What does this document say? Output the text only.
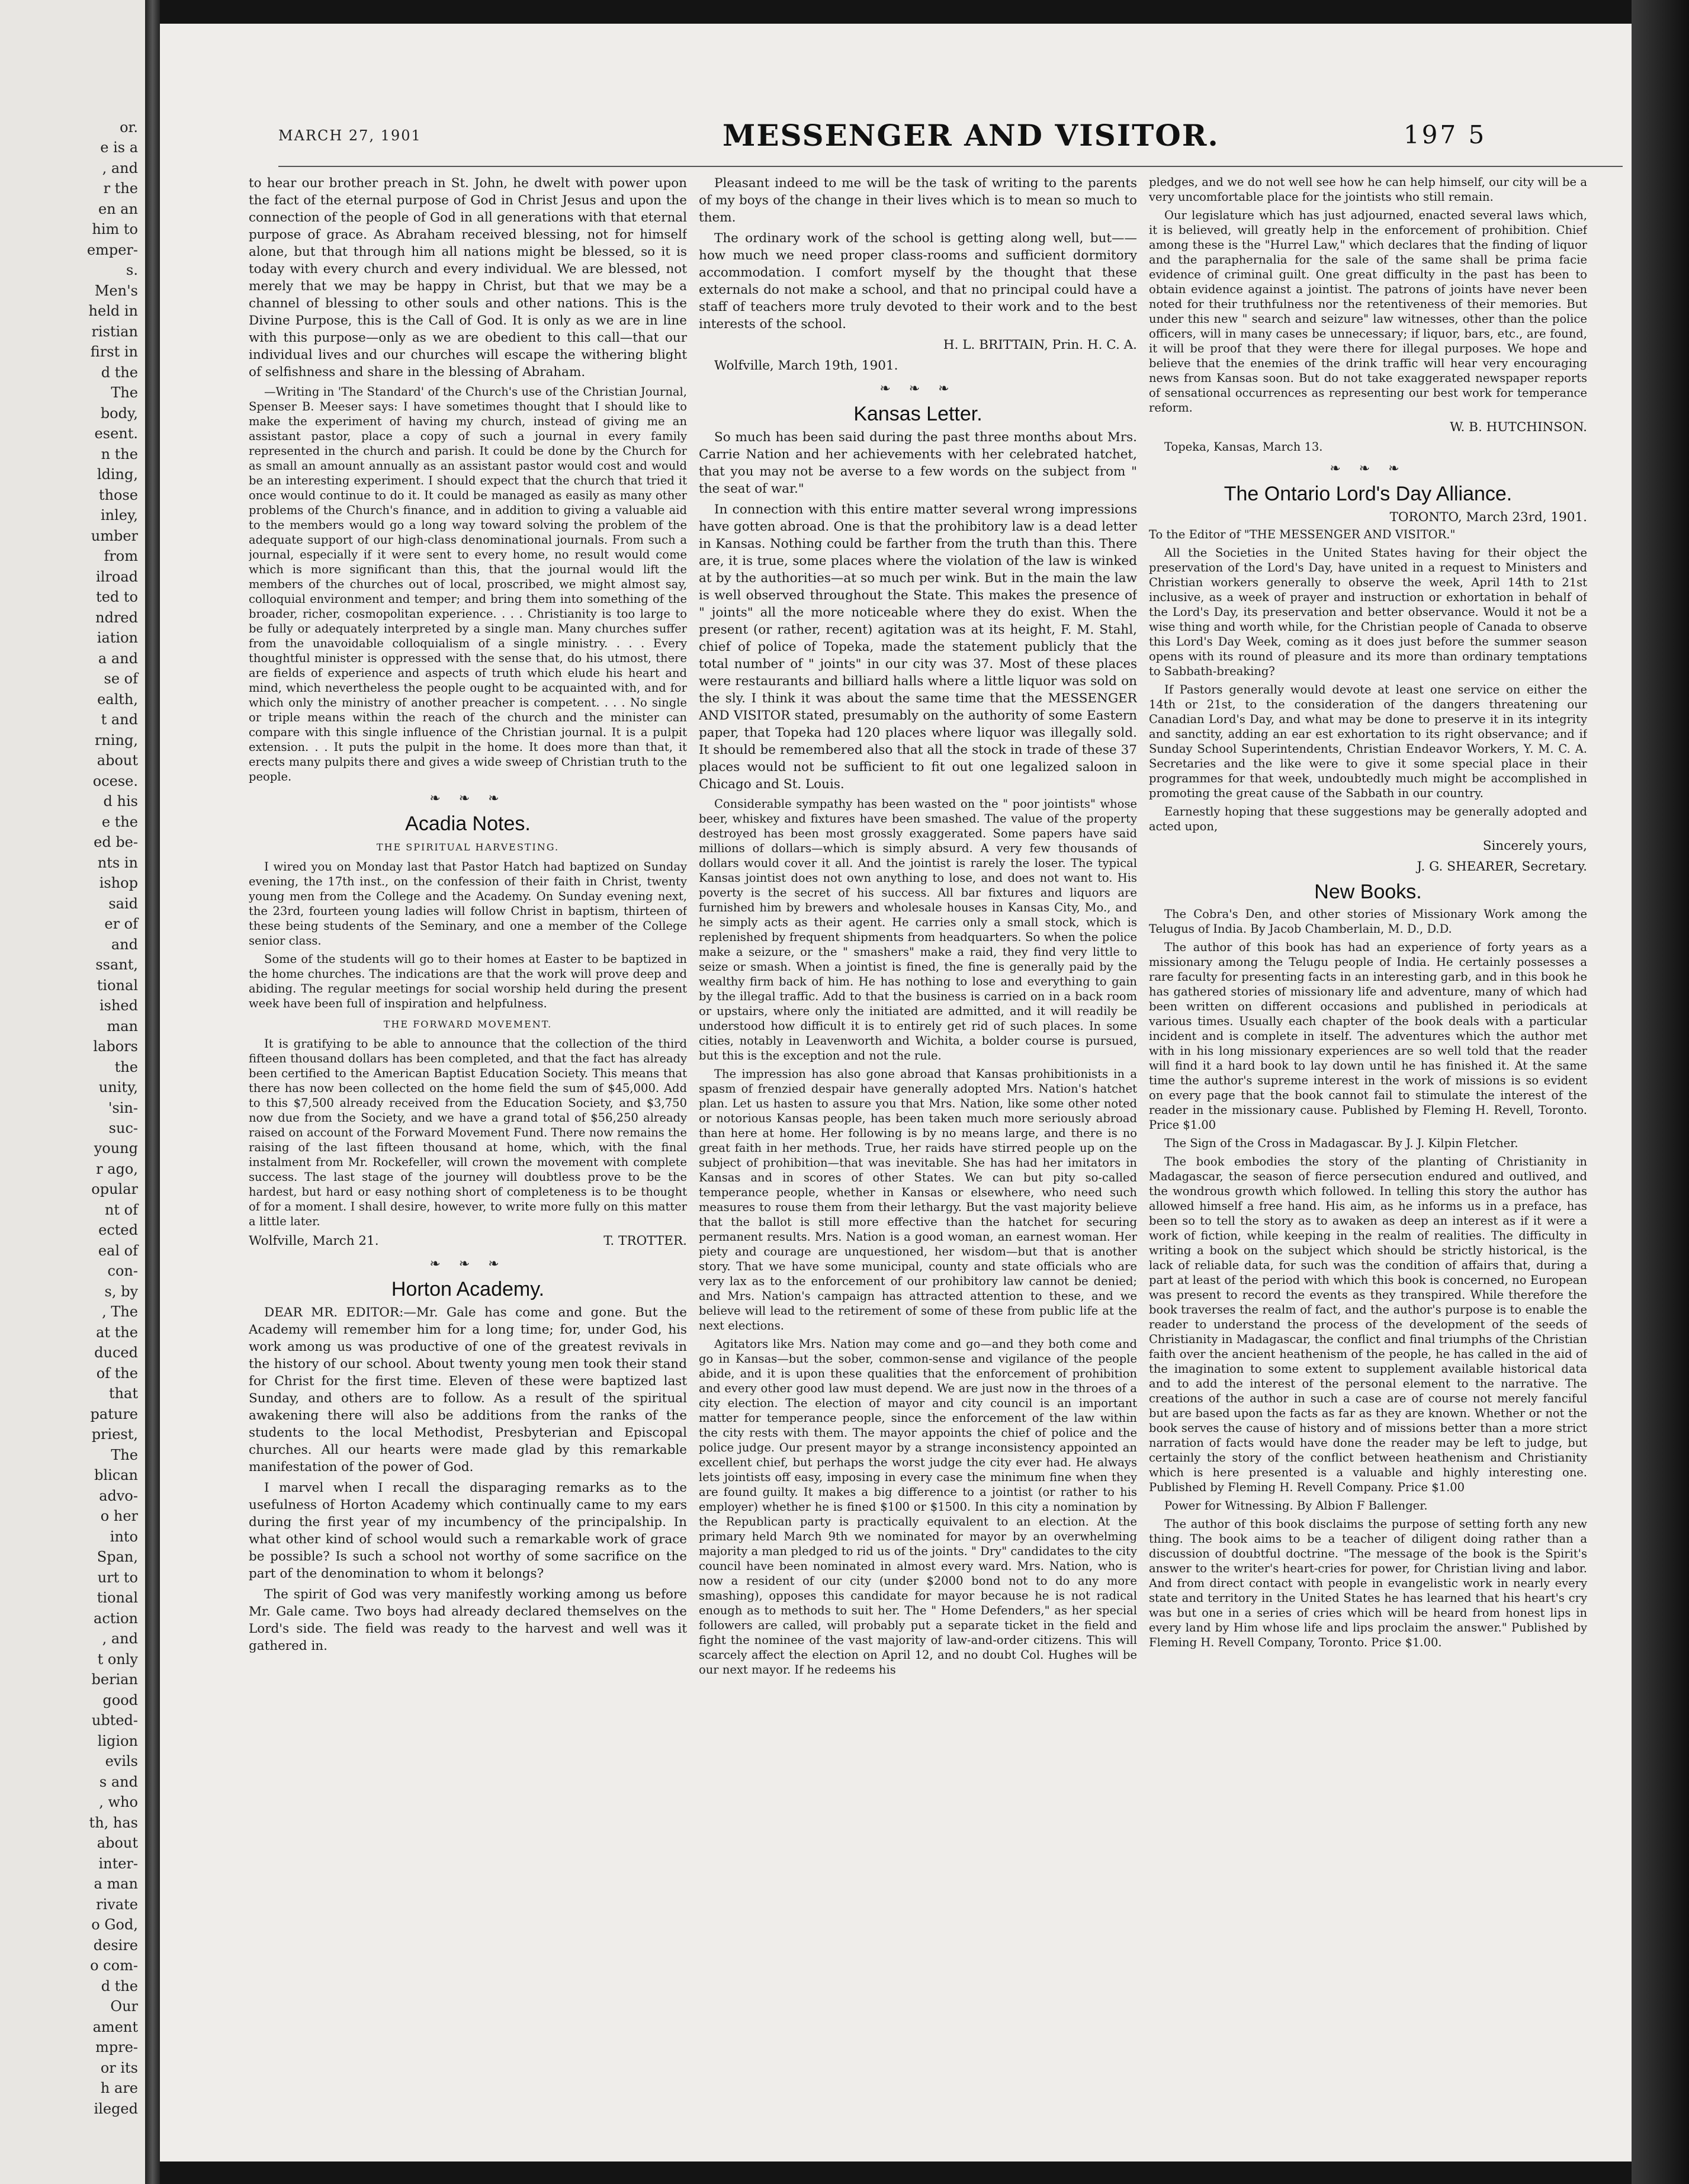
or.
e is a
, and
r the
en an
him to
emper-
s.
Men's
held in
ristian
first in
d the
The
body,
esent.
n the
lding,
those
inley,
umber
from
ilroad
ted to
ndred
iation
a and
se of
ealth,
t and
rning,
about
ocese.
d his
e the
ed be-
nts in
ishop
said
er of
and
ssant,
tional
ished
man
labors
the
unity,
'sin-
suc-
young
r ago,
opular
nt of
ected
eal of
con-
s, by
, The
at the
duced
of the
that
pature
priest,
The
blican
advo-
o her
into
Span,
urt to
tional
action
, and
t only
berian
good
ubted-
ligion
evils
s and
, who
th, has
about
inter-
a man
rivate
o God,
desire
o com-
d the
Our
ament
mpre-
or its
h are
ileged
MARCH 27, 1901	MESSENGER AND VISITOR.	197 5

to hear our brother preach in St. John, he dwelt with power upon the fact of the eternal purpose of God in Christ Jesus and upon the connection of the people of God in all generations with that eternal purpose of grace. As Abraham received blessing, not for himself alone, but that through him all nations might be blessed, so it is today with every church and every individual. We are blessed, not merely that we may be happy in Christ, but that we may be a channel of blessing to other souls and other nations. This is the Divine Purpose, this is the Call of God. It is only as we are in line with this purpose—only as we are obedient to this call—that our individual lives and our churches will escape the withering blight of selfishness and share in the blessing of Abraham.

—Writing in 'The Standard' of the Church's use of the Christian Journal, Spenser B. Meeser says: I have sometimes thought that I should like to make the experiment of having my church, instead of giving me an assistant pastor, place a copy of such a journal in every family represented in the church and parish. It could be done by the Church for as small an amount annually as an assistant pastor would cost and would be an interesting experiment. I should expect that the church that tried it once would continue to do it. It could be managed as easily as many other problems of the Church's finance, and in addition to giving a valuable aid to the members would go a long way toward solving the problem of the adequate support of our high-class denominational journals. From such a journal, especially if it were sent to every home, no result would come which is more significant than this, that the journal would lift the members of the churches out of local, proscribed, we might almost say, colloquial environment and temper; and bring them into something of the broader, richer, cosmopolitan experience. . . . Christianity is too large to be fully or adequately interpreted by a single man. Many churches suffer from the unavoidable colloquialism of a single ministry. . . . Every thoughtful minister is oppressed with the sense that, do his utmost, there are fields of experience and aspects of truth which elude his heart and mind, which nevertheless the people ought to be acquainted with, and for which only the ministry of another preacher is competent. . . . No single or triple means within the reach of the church and the minister can compare with this single influence of the Christian journal. It is a pulpit extension. . . It puts the pulpit in the home. It does more than that, it erects many pulpits there and gives a wide sweep of Christian truth to the people.

❧ ❧ ❧
Acadia Notes.
THE SPIRITUAL HARVESTING.

I wired you on Monday last that Pastor Hatch had baptized on Sunday evening, the 17th inst., on the confession of their faith in Christ, twenty young men from the College and the Academy. On Sunday evening next, the 23rd, fourteen young ladies will follow Christ in baptism, thirteen of these being students of the Seminary, and one a member of the College senior class.

Some of the students will go to their homes at Easter to be baptized in the home churches. The indications are that the work will prove deep and abiding. The regular meetings for social worship held during the present week have been full of inspiration and helpfulness.

THE FORWARD MOVEMENT.

It is gratifying to be able to announce that the collection of the third fifteen thousand dollars has been completed, and that the fact has already been certified to the American Baptist Education Society. This means that there has now been collected on the home field the sum of $45,000. Add to this $7,500 already received from the Education Society, and $3,750 now due from the Society, and we have a grand total of $56,250 already raised on account of the Forward Movement Fund. There now remains the raising of the last fifteen thousand at home, which, with the final instalment from Mr. Rockefeller, will crown the movement with complete success. The last stage of the journey will doubtless prove to be the hardest, but hard or easy nothing short of completeness is to be thought of for a moment. I shall desire, however, to write more fully on this matter a little later.

Wolfville, March 21.	T. TROTTER.
❧ ❧ ❧
Horton Academy.

DEAR MR. EDITOR:—Mr. Gale has come and gone. But the Academy will remember him for a long time; for, under God, his work among us was productive of one of the greatest revivals in the history of our school. About twenty young men took their stand for Christ for the first time. Eleven of these were baptized last Sunday, and others are to follow. As a result of the spiritual awakening there will also be additions from the ranks of the students to the local Methodist, Presbyterian and Episcopal churches. All our hearts were made glad by this remarkable manifestation of the power of God.

I marvel when I recall the disparaging remarks as to the usefulness of Horton Academy which continually came to my ears during the first year of my incumbency of the principalship. In what other kind of school would such a remarkable work of grace be possible? Is such a school not worthy of some sacrifice on the part of the denomination to whom it belongs?

The spirit of God was very manifestly working among us before Mr. Gale came. Two boys had already declared themselves on the Lord's side. The field was ready to the harvest and well was it gathered in.

Pleasant indeed to me will be the task of writing to the parents of my boys of the change in their lives which is to mean so much to them.

The ordinary work of the school is getting along well, but——how much we need proper class-rooms and sufficient dormitory accommodation. I comfort myself by the thought that these externals do not make a school, and that no principal could have a staff of teachers more truly devoted to their work and to the best interests of the school.

H. L. BRITTAIN, Prin. H. C. A.

Wolfville, March 19th, 1901.

❧ ❧ ❧
Kansas Letter.

So much has been said during the past three months about Mrs. Carrie Nation and her achievements with her celebrated hatchet, that you may not be averse to a few words on the subject from " the seat of war."

In connection with this entire matter several wrong impressions have gotten abroad. One is that the prohibitory law is a dead letter in Kansas. Nothing could be farther from the truth than this. There are, it is true, some places where the violation of the law is winked at by the authorities—at so much per wink. But in the main the law is well observed throughout the State. This makes the presence of " joints" all the more noticeable where they do exist. When the present (or rather, recent) agitation was at its height, F. M. Stahl, chief of police of Topeka, made the statement publicly that the total number of " joints" in our city was 37. Most of these places were restaurants and billiard halls where a little liquor was sold on the sly. I think it was about the same time that the MESSENGER AND VISITOR stated, presumably on the authority of some Eastern paper, that Topeka had 120 places where liquor was illegally sold. It should be remembered also that all the stock in trade of these 37 places would not be sufficient to fit out one legalized saloon in Chicago and St. Louis.

Considerable sympathy has been wasted on the " poor jointists" whose beer, whiskey and fixtures have been smashed. The value of the property destroyed has been most grossly exaggerated. Some papers have said millions of dollars—which is simply absurd. A very few thousands of dollars would cover it all. And the jointist is rarely the loser. The typical Kansas jointist does not own anything to lose, and does not want to. His poverty is the secret of his success. All bar fixtures and liquors are furnished him by brewers and wholesale houses in Kansas City, Mo., and he simply acts as their agent. He carries only a small stock, which is replenished by frequent shipments from headquarters. So when the police make a seizure, or the " smashers" make a raid, they find very little to seize or smash. When a jointist is fined, the fine is generally paid by the wealthy firm back of him. He has nothing to lose and everything to gain by the illegal traffic. Add to that the business is carried on in a back room or upstairs, where only the initiated are admitted, and it will readily be understood how difficult it is to entirely get rid of such places. In some cities, notably in Leavenworth and Wichita, a bolder course is pursued, but this is the exception and not the rule.

The impression has also gone abroad that Kansas prohibitionists in a spasm of frenzied despair have generally adopted Mrs. Nation's hatchet plan. Let us hasten to assure you that Mrs. Nation, like some other noted or notorious Kansas people, has been taken much more seriously abroad than here at home. Her following is by no means large, and there is no great faith in her methods. True, her raids have stirred people up on the subject of prohibition—that was inevitable. She has had her imitators in Kansas and in scores of other States. We can but pity so-called temperance people, whether in Kansas or elsewhere, who need such measures to rouse them from their lethargy. But the vast majority believe that the ballot is still more effective than the hatchet for securing permanent results. Mrs. Nation is a good woman, an earnest woman. Her piety and courage are unquestioned, her wisdom—but that is another story. That we have some municipal, county and state officials who are very lax as to the enforcement of our prohibitory law cannot be denied; and Mrs. Nation's campaign has attracted attention to these, and we believe will lead to the retirement of some of these from public life at the next elections.

Agitators like Mrs. Nation may come and go—and they both come and go in Kansas—but the sober, common-sense and vigilance of the people abide, and it is upon these qualities that the enforcement of prohibition and every other good law must depend. We are just now in the throes of a city election. The election of mayor and city council is an important matter for temperance people, since the enforcement of the law within the city rests with them. The mayor appoints the chief of police and the police judge. Our present mayor by a strange inconsistency appointed an excellent chief, but perhaps the worst judge the city ever had. He always lets jointists off easy, imposing in every case the minimum fine when they are found guilty. It makes a big difference to a jointist (or rather to his employer) whether he is fined $100 or $1500. In this city a nomination by the Republican party is practically equivalent to an election. At the primary held March 9th we nominated for mayor by an overwhelming majority a man pledged to rid us of the joints. " Dry" candidates to the city council have been nominated in almost every ward. Mrs. Nation, who is now a resident of our city (under $2000 bond not to do any more smashing), opposes this candidate for mayor because he is not radical enough as to methods to suit her. The " Home Defenders," as her special followers are called, will probably put a separate ticket in the field and fight the nominee of the vast majority of law-and-order citizens. This will scarcely affect the election on April 12, and no doubt Col. Hughes will be our next mayor. If he redeems his

pledges, and we do not well see how he can help himself, our city will be a very uncomfortable place for the jointists who still remain.

Our legislature which has just adjourned, enacted several laws which, it is believed, will greatly help in the enforcement of prohibition. Chief among these is the "Hurrel Law," which declares that the finding of liquor and the paraphernalia for the sale of the same shall be prima facie evidence of criminal guilt. One great difficulty in the past has been to obtain evidence against a jointist. The patrons of joints have never been noted for their truthfulness nor the retentiveness of their memories. But under this new " search and seizure" law witnesses, other than the police officers, will in many cases be unnecessary; if liquor, bars, etc., are found, it will be proof that they were there for illegal purposes. We hope and believe that the enemies of the drink traffic will hear very encouraging news from Kansas soon. But do not take exaggerated newspaper reports of sensational occurrences as representing our best work for temperance reform.

W. B. HUTCHINSON.

Topeka, Kansas, March 13.

❧ ❧ ❧
The Ontario Lord's Day Alliance.
TORONTO, March 23rd, 1901.

To the Editor of "THE MESSENGER AND VISITOR."

All the Societies in the United States having for their object the preservation of the Lord's Day, have united in a request to Ministers and Christian workers generally to observe the week, April 14th to 21st inclusive, as a week of prayer and instruction or exhortation in behalf of the Lord's Day, its preservation and better observance. Would it not be a wise thing and worth while, for the Christian people of Canada to observe this Lord's Day Week, coming as it does just before the summer season opens with its round of pleasure and its more than ordinary temptations to Sabbath-breaking?

If Pastors generally would devote at least one service on either the 14th or 21st, to the consideration of the dangers threatening our Canadian Lord's Day, and what may be done to preserve it in its integrity and sanctity, adding an ear est exhortation to its right observance; and if Sunday School Superintendents, Christian Endeavor Workers, Y. M. C. A. Secretaries and the like were to give it some special place in their programmes for that week, undoubtedly much might be accomplished in promoting the great cause of the Sabbath in our country.

Earnestly hoping that these suggestions may be generally adopted and acted upon,

Sincerely yours,
J. G. SHEARER, Secretary.
New Books.

The Cobra's Den, and other stories of Missionary Work among the Telugus of India. By Jacob Chamberlain, M. D., D.D.

The author of this book has had an experience of forty years as a missionary among the Telugu people of India. He certainly possesses a rare faculty for presenting facts in an interesting garb, and in this book he has gathered stories of missionary life and adventure, many of which had been written on different occasions and published in periodicals at various times. Usually each chapter of the book deals with a particular incident and is complete in itself. The adventures which the author met with in his long missionary experiences are so well told that the reader will find it a hard book to lay down until he has finished it. At the same time the author's supreme interest in the work of missions is so evident on every page that the book cannot fail to stimulate the interest of the reader in the missionary cause. Published by Fleming H. Revell, Toronto. Price $1.00

The Sign of the Cross in Madagascar. By J. J. Kilpin Fletcher.

The book embodies the story of the planting of Christianity in Madagascar, the season of fierce persecution endured and outlived, and the wondrous growth which followed. In telling this story the author has allowed himself a free hand. His aim, as he informs us in a preface, has been so to tell the story as to awaken as deep an interest as if it were a work of fiction, while keeping in the realm of realities. The difficulty in writing a book on the subject which should be strictly historical, is the lack of reliable data, for such was the condition of affairs that, during a part at least of the period with which this book is concerned, no European was present to record the events as they transpired. While therefore the book traverses the realm of fact, and the author's purpose is to enable the reader to understand the process of the development of the seeds of Christianity in Madagascar, the conflict and final triumphs of the Christian faith over the ancient heathenism of the people, he has called in the aid of the imagination to some extent to supplement available historical data and to add the interest of the personal element to the narrative. The creations of the author in such a case are of course not merely fanciful but are based upon the facts as far as they are known. Whether or not the book serves the cause of history and of missions better than a more strict narration of facts would have done the reader may be left to judge, but certainly the story of the conflict between heathenism and Christianity which is here presented is a valuable and highly interesting one. Published by Fleming H. Revell Company. Price $1.00

Power for Witnessing. By Albion F Ballenger.

The author of this book disclaims the purpose of setting forth any new thing. The book aims to be a teacher of diligent doing rather than a discussion of doubtful doctrine. "The message of the book is the Spirit's answer to the writer's heart-cries for power, for Christian living and labor. And from direct contact with people in evangelistic work in nearly every state and territory in the United States he has learned that his heart's cry was but one in a series of cries which will be heard from honest lips in every land by Him whose life and lips proclaim the answer." Published by Fleming H. Revell Company, Toronto. Price $1.00.
